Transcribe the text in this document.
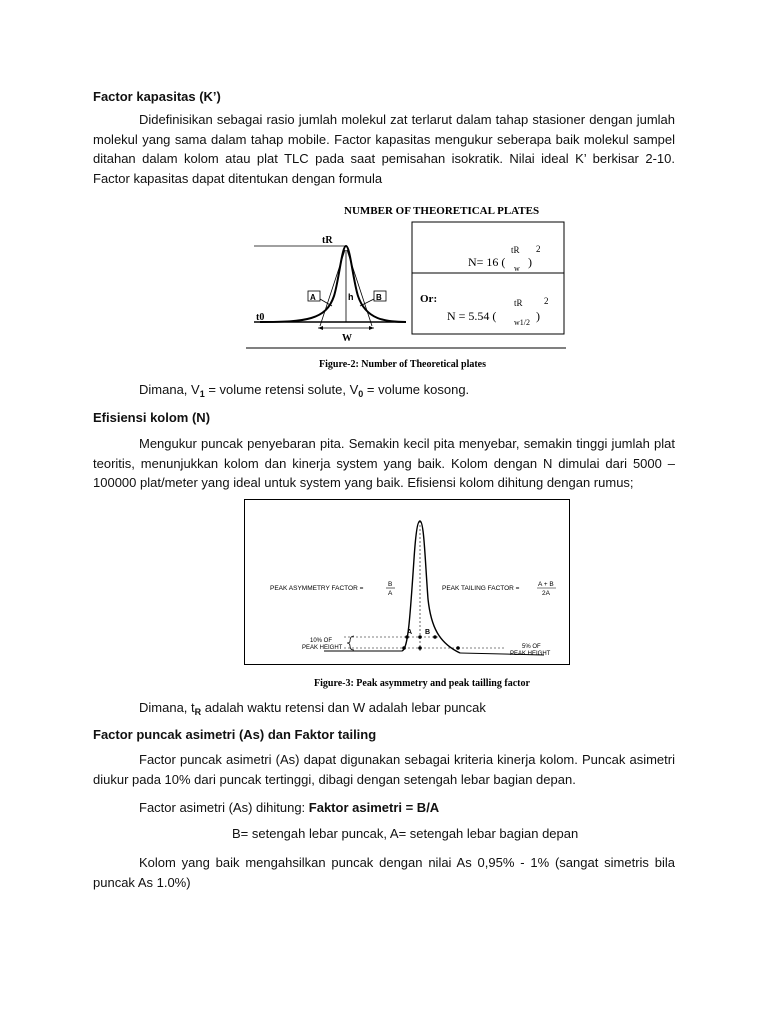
Factor kapasitas (K’)
Didefinisikan sebagai rasio jumlah molekul zat terlarut dalam tahap stasioner dengan jumlah molekul yang sama dalam tahap mobile. Factor kapasitas mengukur seberapa baik molekul sampel ditahan dalam kolom atau plat TLC pada saat pemisahan isokratik. Nilai ideal K’ berkisar 2-10. Factor kapasitas dapat ditentukan dengan formula
NUMBER OF THEORETICAL PLATES
h
tR
A	B
t0
W
N= 16 (
tR
w )
2
Or:
N = 5.54 (
tR
w1/2 )
2
Figure-2: Number of Theoretical plates
Dimana, $V_1$ = volume retensi solute, $V_0$ = volume kosong.
Efisiensi kolom (N)
Mengukur puncak penyebaran pita. Semakin kecil pita menyebar, semakin tinggi jumlah plat teoritis, menunjukkan kolom dan kinerja system yang baik. Kolom dengan N dimulai dari 5000 – 100000 plat/meter yang ideal untuk system yang baik. Efisiensi kolom dihitung dengan rumus;
A B
PEAK ASYMMETRY FACTOR =
B
A
PEAK TAILING FACTOR =
A + B
2A
10% OF
PEAK HEIGHT	5% OF
PEAK HEIGHT
Figure-3: Peak asymmetry and peak tailling factor
Dimana, $t_R$ adalah waktu retensi dan W adalah lebar puncak
Factor puncak asimetri (As) dan Faktor tailing
Factor puncak asimetri (As) dapat digunakan sebagai kriteria kinerja kolom. Puncak asimetri diukur pada 10% dari puncak tertinggi, dibagi dengan setengah lebar bagian depan.
Factor asimetri (As) dihitung: Faktor asimetri = B/A
B= setengah lebar puncak, A= setengah lebar bagian depan
Kolom yang baik mengahsilkan puncak dengan nilai As 0,95% - 1% (sangat simetris bila puncak As 1.0%)
